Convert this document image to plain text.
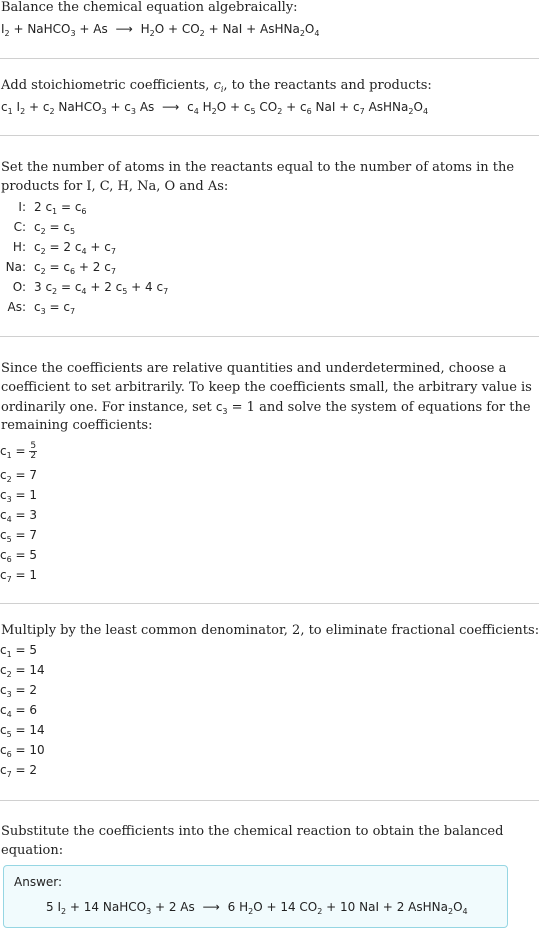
Balance the chemical equation algebraically:
$I_2$ + NaHCO$_3$ + As ⟶ $H_2O + CO_2$ + NaI + $AsHNa_2O_4$
Add stoichiometric coefficients, $c_i$, to the reactants and products:
$c_1$ $I_2 + c_2$ NaHCO$_3$ + $c_3$ As ⟶ $c_4$ $H_2O + c_5$ $CO_2 + c_6$ NaI + $c_7$ $AsHNa_2O_4$
Set the number of atoms in the reactants equal to the number of atoms in the
products for I, C, H, Na, O and As:
I: 2 $c_1 = c_6$
C: $c_2 = c_5$
H: $c_2 = 2$ $c_4 + c_7$
Na: $c_2 = c_6 + 2$ $c_7$
O: 3 $c_2 = c_4 + 2$ $c_5 + 4$ $c_7$
As: $c_3 = c_7$
Since the coefficients are relative quantities and underdetermined, choose a
coefficient to set arbitrarily. To keep the coefficients small, the arbitrary value is
ordinarily one. For instance, set $c_3 = 1$ and solve the system of equations for the
remaining coefficients:
$c_1 = \frac{5}{2}$
$c_2 = 7$
$c_3 = 1$
$c_4 = 3$
$c_5 = 7$
$c_6 = 5$
$c_7 = 1$
Multiply by the least common denominator, 2, to eliminate fractional coefficients:
$c_1 = 5$
$c_2 = 14$
$c_3 = 2$
$c_4 = 6$
$c_5 = 14$
$c_6 = 10$
$c_7 = 2$
Substitute the coefficients into the chemical reaction to obtain the balanced
equation:
Answer:
5 $I_2 + 14$ NaHCO$_3$ + 2 As ⟶ 6 $H_2O + 14$ $CO_2 + 10$ NaI + 2 $AsHNa_2O_4$
